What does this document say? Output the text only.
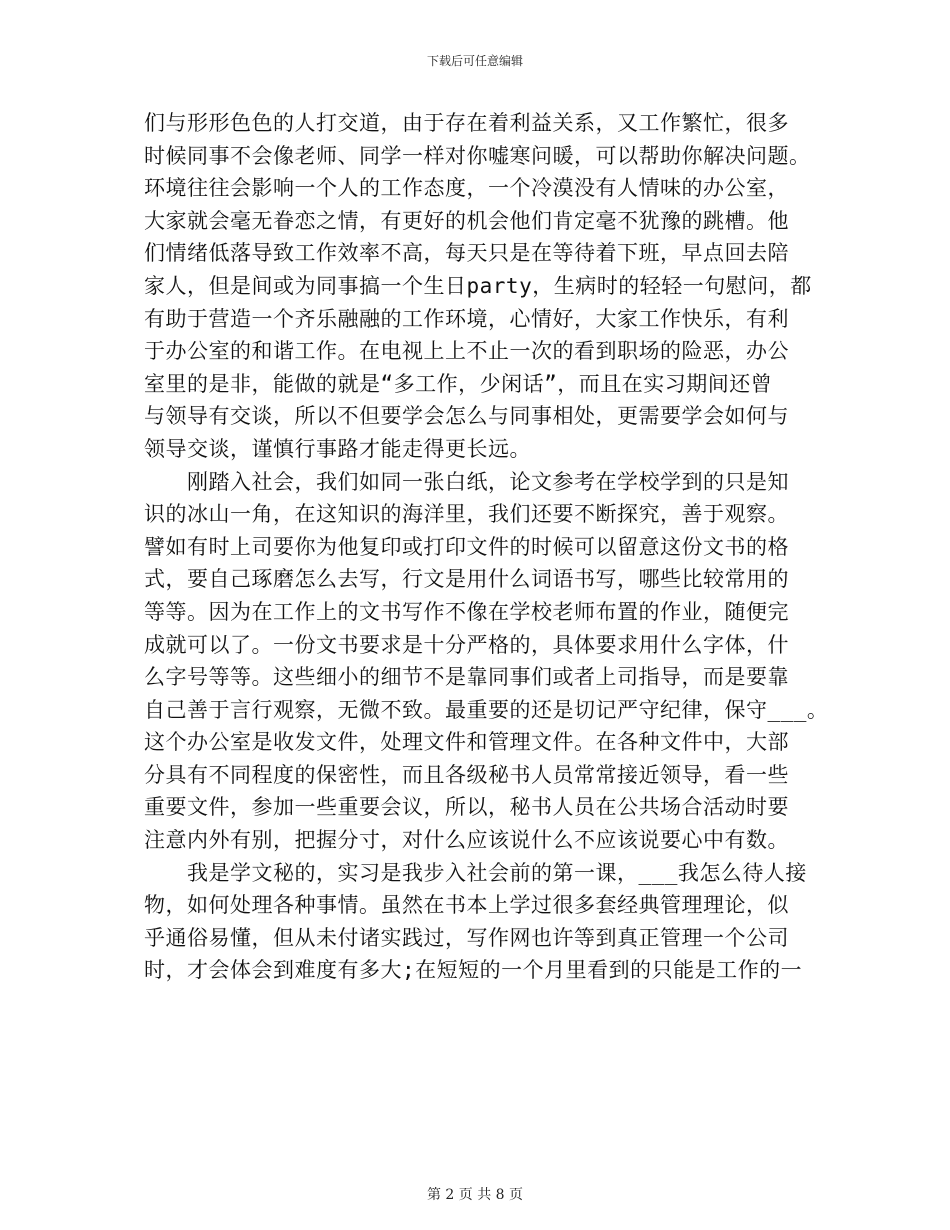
下载后可任意编辑
们与形形色色的人打交道，由于存在着利益关系，又工作繁忙，很多
时候同事不会像老师、同学一样对你嘘寒问暖，可以帮助你解决问题。
环境往往会影响一个人的工作态度，一个冷漠没有人情味的办公室，
大家就会毫无眷恋之情，有更好的机会他们肯定毫不犹豫的跳槽。他
们情绪低落导致工作效率不高，每天只是在等待着下班，早点回去陪
家人，但是间或为同事搞一个生日party，生病时的轻轻一句慰问，都
有助于营造一个齐乐融融的工作环境，心情好，大家工作快乐，有利
于办公室的和谐工作。在电视上上不止一次的看到职场的险恶，办公
室里的是非，能做的就是“多工作，少闲话”，而且在实习期间还曾
与领导有交谈，所以不但要学会怎么与同事相处，更需要学会如何与
领导交谈，谨慎行事路才能走得更长远。
　　刚踏入社会，我们如同一张白纸，论文参考在学校学到的只是知
识的冰山一角，在这知识的海洋里，我们还要不断探究，善于观察。
譬如有时上司要你为他复印或打印文件的时候可以留意这份文书的格
式，要自己琢磨怎么去写，行文是用什么词语书写，哪些比较常用的
等等。因为在工作上的文书写作不像在学校老师布置的作业，随便完
成就可以了。一份文书要求是十分严格的，具体要求用什么字体，什
么字号等等。这些细小的细节不是靠同事们或者上司指导，而是要靠
自己善于言行观察，无微不致。最重要的还是切记严守纪律，保守___。
这个办公室是收发文件，处理文件和管理文件。在各种文件中，大部
分具有不同程度的保密性，而且各级秘书人员常常接近领导，看一些
重要文件，参加一些重要会议，所以，秘书人员在公共场合活动时要
注意内外有别，把握分寸，对什么应该说什么不应该说要心中有数。
　　我是学文秘的，实习是我步入社会前的第一课，___我怎么待人接
物，如何处理各种事情。虽然在书本上学过很多套经典管理理论，似
乎通俗易懂，但从未付诸实践过，写作网也许等到真正管理一个公司
时，才会体会到难度有多大;在短短的一个月里看到的只能是工作的一
第 2 页 共 8 页
